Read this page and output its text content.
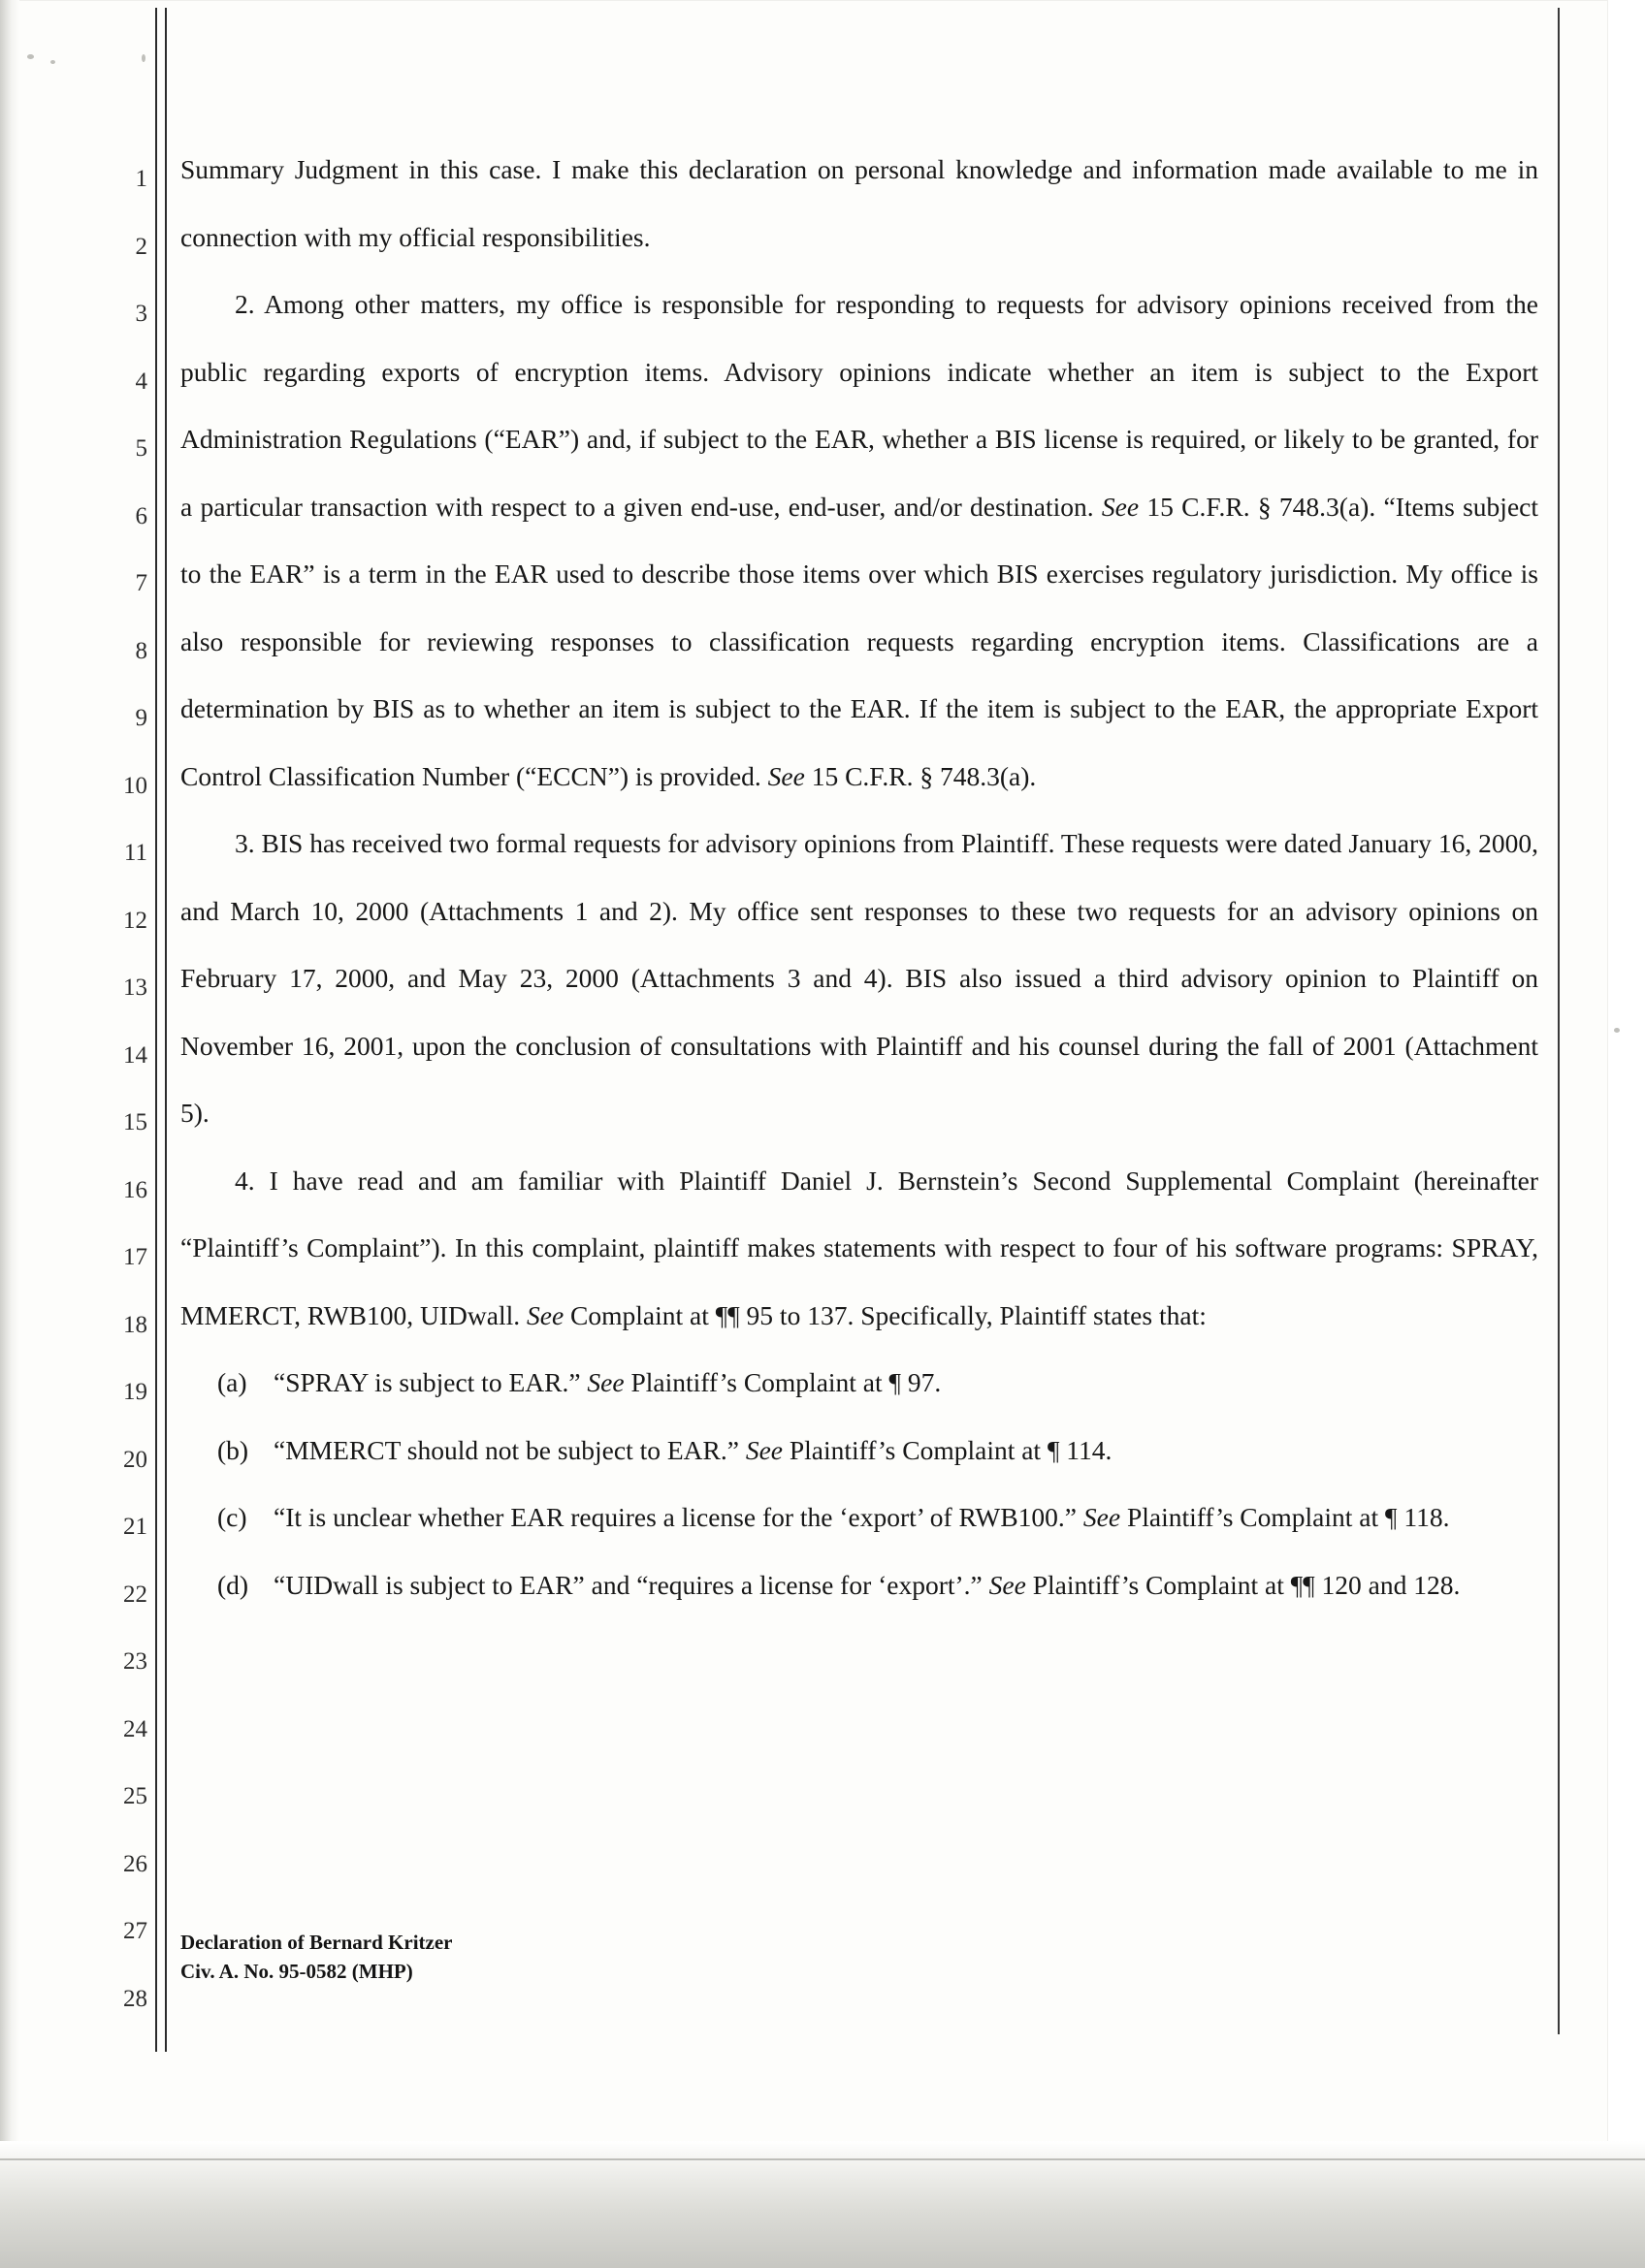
1
2
3
4
5
6
7
8
9
10
11
12
13
14
15
16
17
18
19
20
21
22
23
24
25
26
27
28

Summary Judgment in this case. I make this declaration on personal knowledge and information made available to me in connection with my official responsibilities.

2. Among other matters, my office is responsible for responding to requests for advisory opinions received from the public regarding exports of encryption items. Advisory opinions indicate whether an item is subject to the Export Administration Regulations (“EAR”) and, if subject to the EAR, whether a BIS license is required, or likely to be granted, for a particular transaction with respect to a given end-use, end-user, and/or destination. See 15 C.F.R. § 748.3(a). “Items subject to the EAR” is a term in the EAR used to describe those items over which BIS exercises regulatory jurisdiction. My office is also responsible for reviewing responses to classification requests regarding encryption items. Classifications are a determination by BIS as to whether an item is subject to the EAR. If the item is subject to the EAR, the appropriate Export Control Classification Number (“ECCN”) is provided. See 15 C.F.R. § 748.3(a).

3. BIS has received two formal requests for advisory opinions from Plaintiff. These requests were dated January 16, 2000, and March 10, 2000 (Attachments 1 and 2). My office sent responses to these two requests for an advisory opinions on February 17, 2000, and May 23, 2000 (Attachments 3 and 4). BIS also issued a third advisory opinion to Plaintiff on November 16, 2001, upon the conclusion of consultations with Plaintiff and his counsel during the fall of 2001 (Attachment 5).

4. I have read and am familiar with Plaintiff Daniel J. Bernstein’s Second Supplemental Complaint (hereinafter “Plaintiff’s Complaint”). In this complaint, plaintiff makes statements with respect to four of his software programs: SPRAY, MMERCT, RWB100, UIDwall. See Complaint at ¶¶ 95 to 137. Specifically, Plaintiff states that:

(a) “SPRAY is subject to EAR.” See Plaintiff’s Complaint at ¶ 97.
(b) “MMERCT should not be subject to EAR.” See Plaintiff’s Complaint at ¶ 114.
(c) “It is unclear whether EAR requires a license for the ‘export’ of RWB100.” See Plaintiff’s Complaint at ¶ 118.
(d) “UIDwall is subject to EAR” and “requires a license for ‘export’.” See Plaintiff’s Complaint at ¶¶ 120 and 128.
Declaration of Bernard Kritzer
Civ. A. No. 95-0582 (MHP)
